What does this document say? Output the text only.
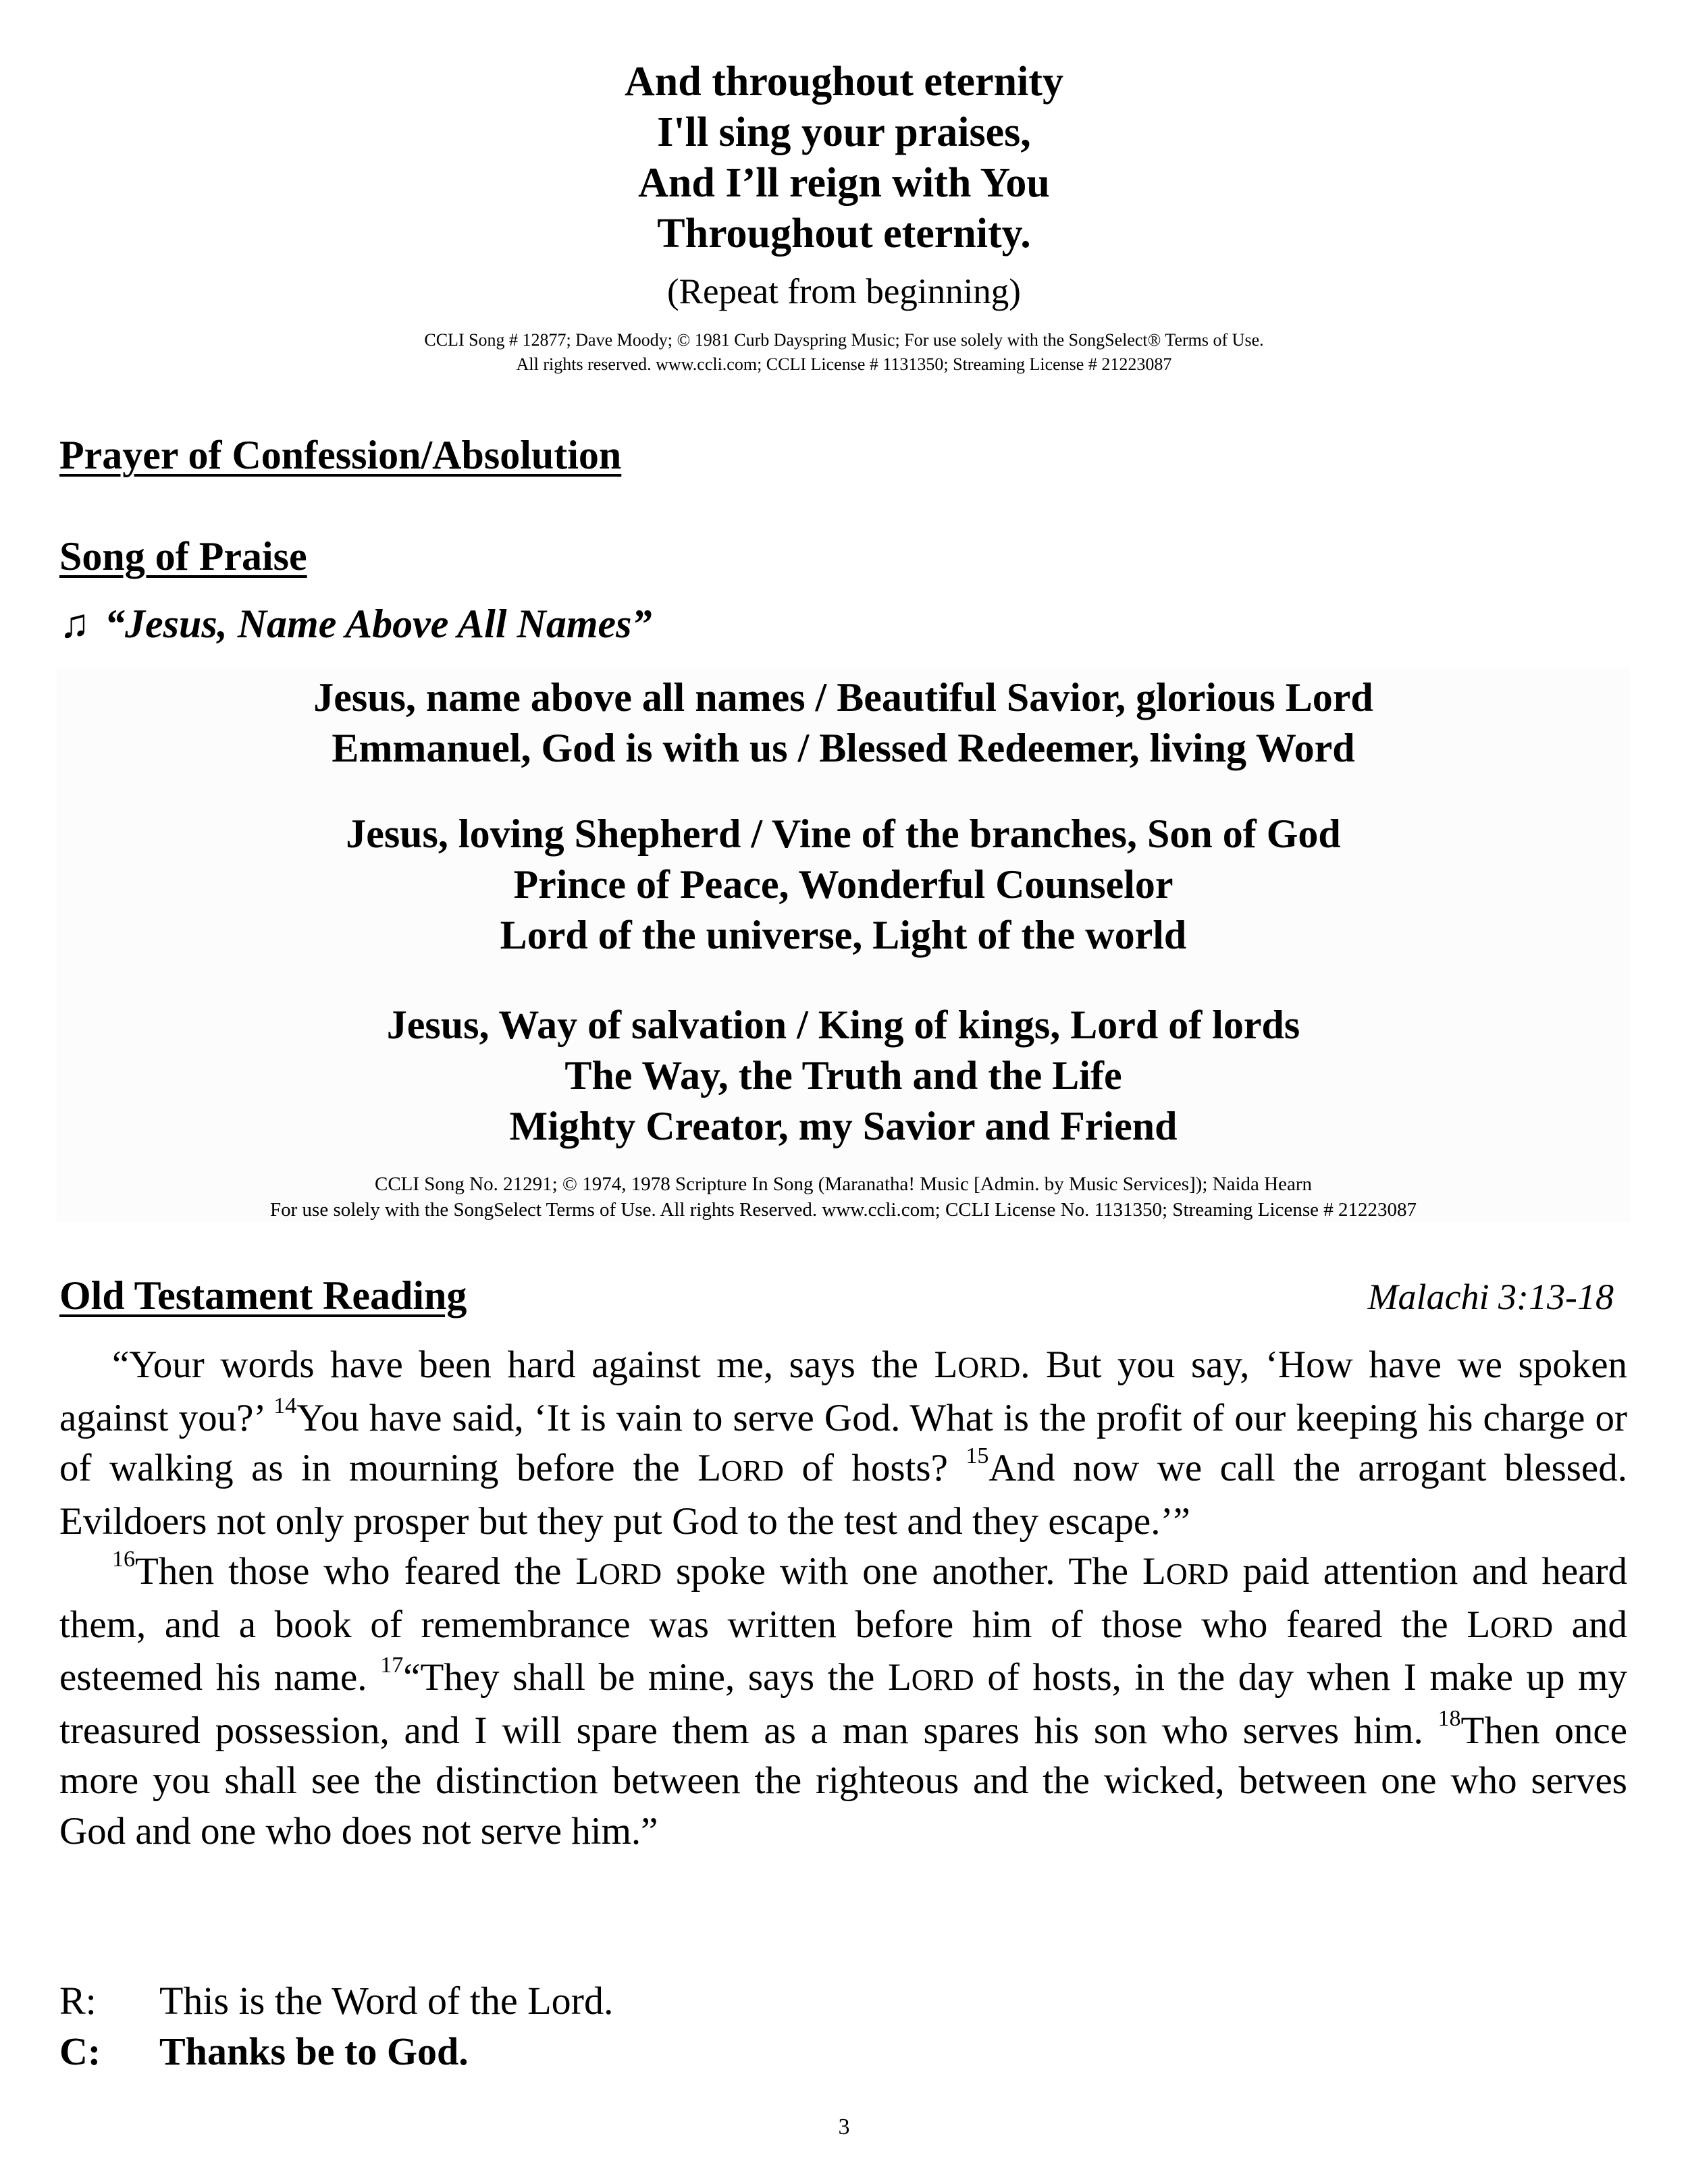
And throughout eternity
I'll sing your praises,
And I’ll reign with You
Throughout eternity.
(Repeat from beginning)
CCLI Song # 12877; Dave Moody; © 1981 Curb Dayspring Music; For use solely with the SongSelect® Terms of Use.
All rights reserved. www.ccli.com; CCLI License # 1131350; Streaming License # 21223087
Prayer of Confession/Absolution
Song of Praise
♫ “Jesus, Name Above All Names”
Jesus, name above all names / Beautiful Savior, glorious Lord
Emmanuel, God is with us / Blessed Redeemer, living Word
Jesus, loving Shepherd / Vine of the branches, Son of God
Prince of Peace, Wonderful Counselor
Lord of the universe, Light of the world
Jesus, Way of salvation / King of kings, Lord of lords
The Way, the Truth and the Life
Mighty Creator, my Savior and Friend
CCLI Song No. 21291; © 1974, 1978 Scripture In Song (Maranatha! Music [Admin. by Music Services]); Naida Hearn
For use solely with the SongSelect Terms of Use. All rights Reserved. www.ccli.com; CCLI License No. 1131350; Streaming License # 21223087
Old Testament Reading	Malachi 3:13-18

“Your words have been hard against me, says the LORD. But you say, ‘How have we spoken against you?’ $^{14}$You have said, ‘It is vain to serve God. What is the profit of our keeping his charge or of walking as in mourning before the LORD of hosts? $^{15}$And now we call the arrogant blessed. Evildoers not only prosper but they put God to the test and they escape.’”

$^{16}$Then those who feared the LORD spoke with one another. The LORD paid attention and heard them, and a book of remembrance was written before him of those who feared the LORD and esteemed his name. $^{17}$“They shall be mine, says the LORD of hosts, in the day when I make up my treasured possession, and I will spare them as a man spares his son who serves him. $^{18}$Then once more you shall see the distinction between the righteous and the wicked, between one who serves God and one who does not serve him.”

R: This is the Word of the Lord.
C: Thanks be to God.
3
